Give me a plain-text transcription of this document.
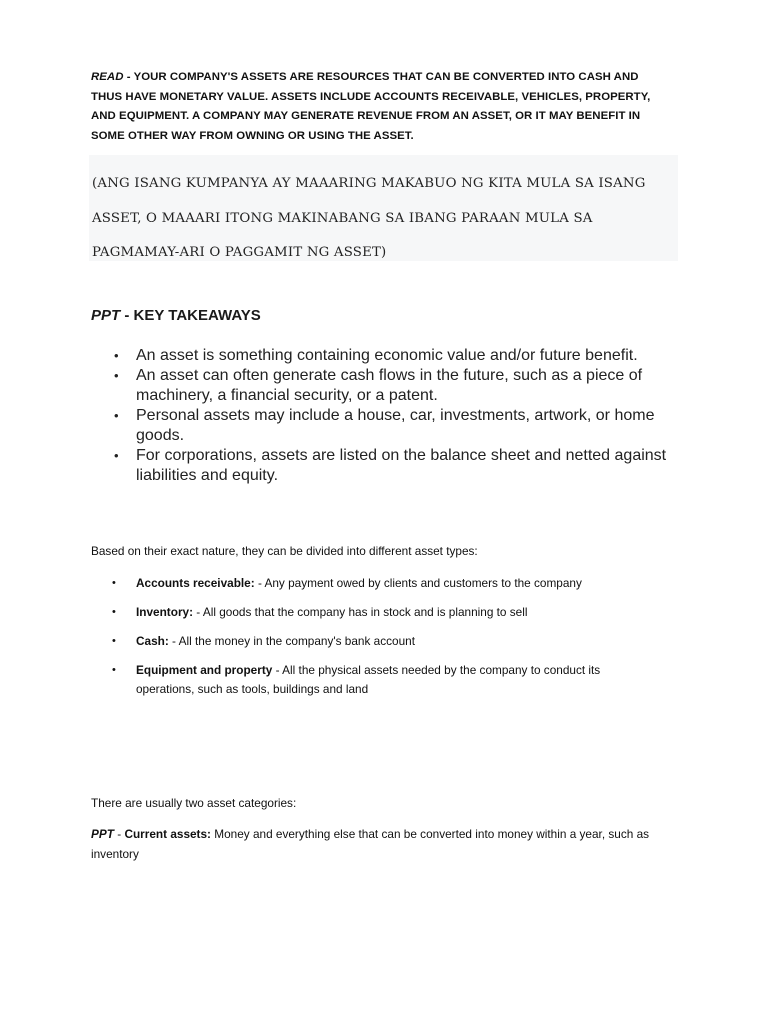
READ - YOUR COMPANY'S ASSETS ARE RESOURCES THAT CAN BE CONVERTED INTO CASH AND THUS HAVE MONETARY VALUE. ASSETS INCLUDE ACCOUNTS RECEIVABLE, VEHICLES, PROPERTY, AND EQUIPMENT. A COMPANY MAY GENERATE REVENUE FROM AN ASSET, OR IT MAY BENEFIT IN SOME OTHER WAY FROM OWNING OR USING THE ASSET.

(ANG ISANG KUMPANYA AY MAAARING MAKABUO NG KITA MULA SA ISANG ASSET, O MAAARI ITONG MAKINABANG SA IBANG PARAAN MULA SA PAGMAMAY-ARI O PAGGAMIT NG ASSET)
PPT - KEY TAKEAWAYS
• An asset is something containing economic value and/or future benefit.
• An asset can often generate cash flows in the future, such as a piece of machinery, a financial security, or a patent.
• Personal assets may include a house, car, investments, artwork, or home goods.
• For corporations, assets are listed on the balance sheet and netted against liabilities and equity.
Based on their exact nature, they can be divided into different asset types:
• Accounts receivable: - Any payment owed by clients and customers to the company
• Inventory: - All goods that the company has in stock and is planning to sell
• Cash: - All the money in the company's bank account
• Equipment and property - All the physical assets needed by the company to conduct its operations, such as tools, buildings and land
There are usually two asset categories:

PPT - Current assets: Money and everything else that can be converted into money within a year, such as inventory
